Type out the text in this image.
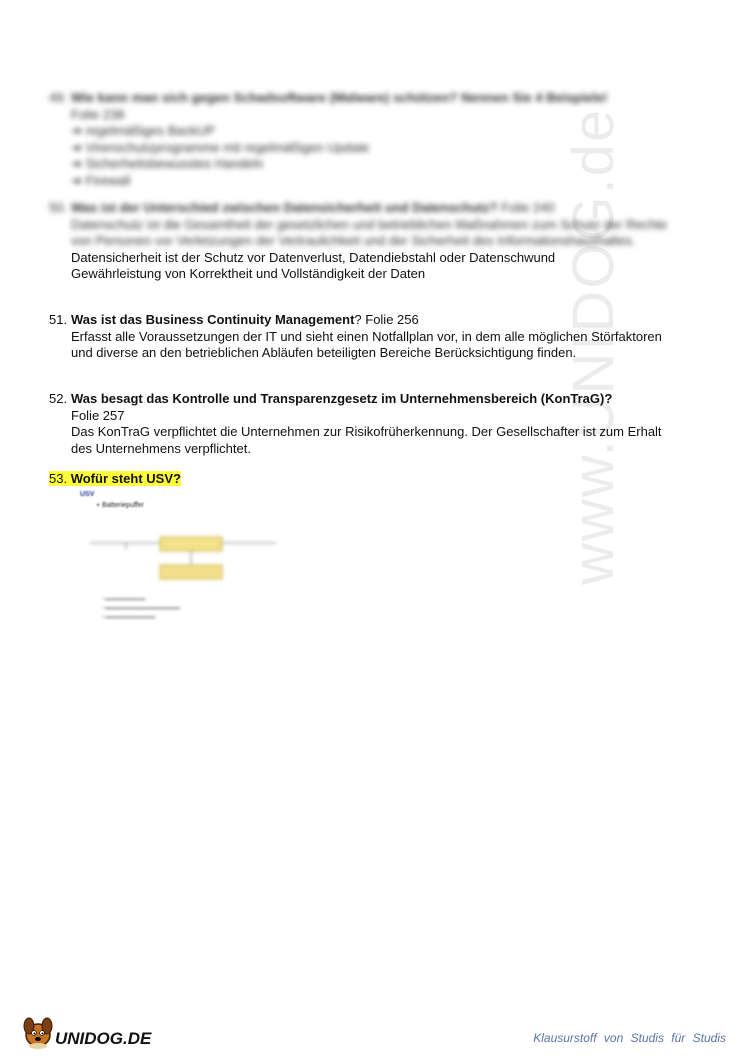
www.UNIDOG.de
49. Wie kann man sich gegen Schadsoftware (Malware) schützen? Nennen Sie 4 Beispiele!
Folie 238
➔ regelmäßiges BackUP
➔ Virenschutzprogramme mit regelmäßigen Update
➔ Sicherheitsbewusstes Handeln
➔ Firewall
50. Was ist der Unterschied zwischen Datensicherheit und Datenschutz? Folie 240
Datenschutz ist die Gesamtheit der gesetzlichen und betrieblichen Maßnahmen zum Schutz der Rechte von Personen vor Verletzungen der Vertraulichkeit und der Sicherheit des Informationshaushaltes.
Datensicherheit ist der Schutz vor Datenverlust, Datendiebstahl oder Datenschwund
Gewährleistung von Korrektheit und Vollständigkeit der Daten
51. Was ist das Business Continuity Management? Folie 256
Erfasst alle Voraussetzungen der IT und sieht einen Notfallplan vor, in dem alle möglichen Störfaktoren und diverse an den betrieblichen Abläufen beteiligten Bereiche Berücksichtigung finden.
52. Was besagt das Kontrolle und Transparenzgesetz im Unternehmensbereich (KonTraG)?
Folie 257
Das KonTraG verpflichtet die Unternehmen zur Risikofrüherkennung. Der Gesellschafter ist zum Erhalt des Unternehmens verpflichtet.
53. Wofür steht USV?
USV
+ Batteriepuffer
• ▬▬▬▬▬▬▬▬
• ▬▬▬▬▬▬▬▬▬▬▬▬▬▬▬
• ▬▬▬▬▬▬▬▬▬▬
UNIDOG.DE	Klausurstoff von Studis für Studis
